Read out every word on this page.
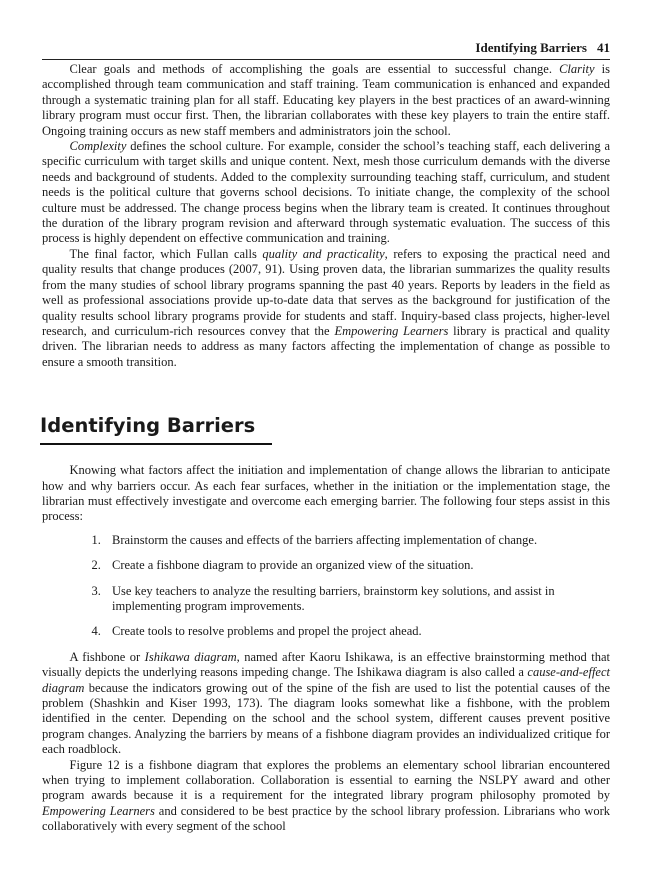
Identifying Barriers 41

Clear goals and methods of accomplishing the goals are essential to successful change. Clarity is accomplished through team communication and staff training. Team communication is enhanced and expanded through a systematic training plan for all staff. Educating key players in the best practices of an award-winning library program must occur first. Then, the librarian collaborates with these key players to train the entire staff. Ongoing training occurs as new staff members and administrators join the school.

Complexity defines the school culture. For example, consider the school’s teaching staff, each delivering a specific curriculum with target skills and unique content. Next, mesh those curriculum demands with the diverse needs and background of students. Added to the complexity surrounding teaching staff, curriculum, and student needs is the political culture that governs school decisions. To initiate change, the complexity of the school culture must be addressed. The change process begins when the library team is created. It continues throughout the duration of the library program revision and afterward through systematic evaluation. The success of this process is highly dependent on effective communication and training.

The final factor, which Fullan calls quality and practicality, refers to exposing the practical need and quality results that change produces (2007, 91). Using proven data, the librarian summarizes the quality results from the many studies of school library programs spanning the past 40 years. Reports by leaders in the field as well as professional associations provide up-to-date data that serves as the background for justification of the quality results school library programs provide for students and staff. Inquiry-based class projects, higher-level research, and curriculum-rich resources convey that the Empowering Learners library is practical and quality driven. The librarian needs to address as many factors affecting the implementation of change as possible to ensure a smooth transition.

Identifying Barriers

Knowing what factors affect the initiation and implementation of change allows the librarian to anticipate how and why barriers occur. As each fear surfaces, whether in the initiation or the implementation stage, the librarian must effectively investigate and overcome each emerging barrier. The following four steps assist in this process:

1. Brainstorm the causes and effects of the barriers affecting implementation of change.
2. Create a fishbone diagram to provide an organized view of the situation.
3. Use key teachers to analyze the resulting barriers, brainstorm key solutions, and assist in implementing program improvements.
4. Create tools to resolve problems and propel the project ahead.

A fishbone or Ishikawa diagram, named after Kaoru Ishikawa, is an effective brainstorming method that visually depicts the underlying reasons impeding change. The Ishikawa diagram is also called a cause-and-effect diagram because the indicators growing out of the spine of the fish are used to list the potential causes of the problem (Shashkin and Kiser 1993, 173). The diagram looks somewhat like a fishbone, with the problem identified in the center. Depending on the school and the school system, different causes prevent positive program changes. Analyzing the barriers by means of a fishbone diagram provides an individualized critique for each roadblock.

Figure 12 is a fishbone diagram that explores the problems an elementary school librarian encountered when trying to implement collaboration. Collaboration is essential to earning the NSLPY award and other program awards because it is a requirement for the integrated library program philosophy promoted by Empowering Learners and considered to be best practice by the school library profession. Librarians who work collaboratively with every segment of the school
